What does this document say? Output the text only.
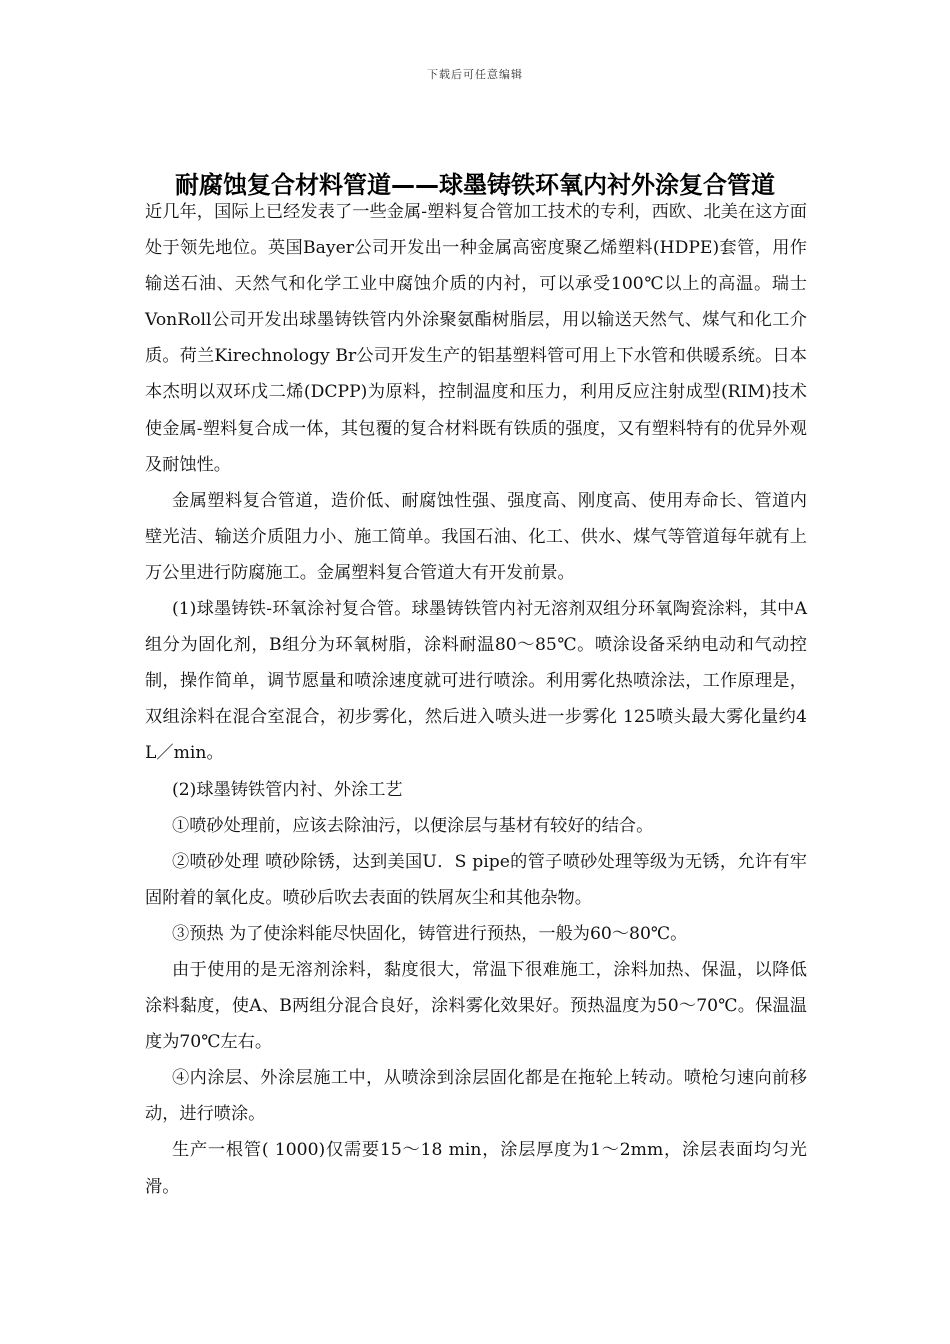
下载后可任意编辑
耐腐蚀复合材料管道——球墨铸铁环氧内衬外涂复合管道

近几年，国际上已经发表了一些金属-塑料复合管加工技术的专利，西欧、北美在这方面处于领先地位。英国Bayer公司开发出一种金属高密度聚乙烯塑料(HDPE)套管，用作输送石油、天然气和化学工业中腐蚀介质的内衬，可以承受100℃以上的高温。瑞士VonRoll公司开发出球墨铸铁管内外涂聚氨酯树脂层，用以输送天然气、煤气和化工介质。荷兰Kirechnology Br公司开发生产的铝基塑料管可用上下水管和供暖系统。日本本杰明以双环戊二烯(DCPP)为原料，控制温度和压力，利用反应注射成型(RIM)技术使金属-塑料复合成一体，其包覆的复合材料既有铁质的强度，又有塑料特有的优异外观及耐蚀性。

金属塑料复合管道，造价低、耐腐蚀性强、强度高、刚度高、使用寿命长、管道内壁光洁、输送介质阻力小、施工简单。我国石油、化工、供水、煤气等管道每年就有上万公里进行防腐施工。金属塑料复合管道大有开发前景。

(1)球墨铸铁-环氧涂衬复合管。球墨铸铁管内衬无溶剂双组分环氧陶瓷涂料，其中A组分为固化剂，B组分为环氧树脂，涂料耐温80～85℃。喷涂设备采纳电动和气动控制，操作简单，调节愿量和喷涂速度就可进行喷涂。利用雾化热喷涂法，工作原理是，双组涂料在混合室混合，初步雾化，然后进入喷头进一步雾化 125喷头最大雾化量约4 L／min。

(2)球墨铸铁管内衬、外涂工艺

①喷砂处理前，应该去除油污，以便涂层与基材有较好的结合。

②喷砂处理 喷砂除锈，达到美国U．S pipe的管子喷砂处理等级为无锈，允许有牢固附着的氧化皮。喷砂后吹去表面的铁屑灰尘和其他杂物。

③预热 为了使涂料能尽快固化，铸管进行预热，一般为60～80℃。

由于使用的是无溶剂涂料，黏度很大，常温下很难施工，涂料加热、保温，以降低涂料黏度，使A、B两组分混合良好，涂料雾化效果好。预热温度为50～70℃。保温温度为70℃左右。

④内涂层、外涂层施工中，从喷涂到涂层固化都是在拖轮上转动。喷枪匀速向前移动，进行喷涂。

生产一根管( 1000)仅需要15～18 min，涂层厚度为1～2mm，涂层表面均匀光滑。
